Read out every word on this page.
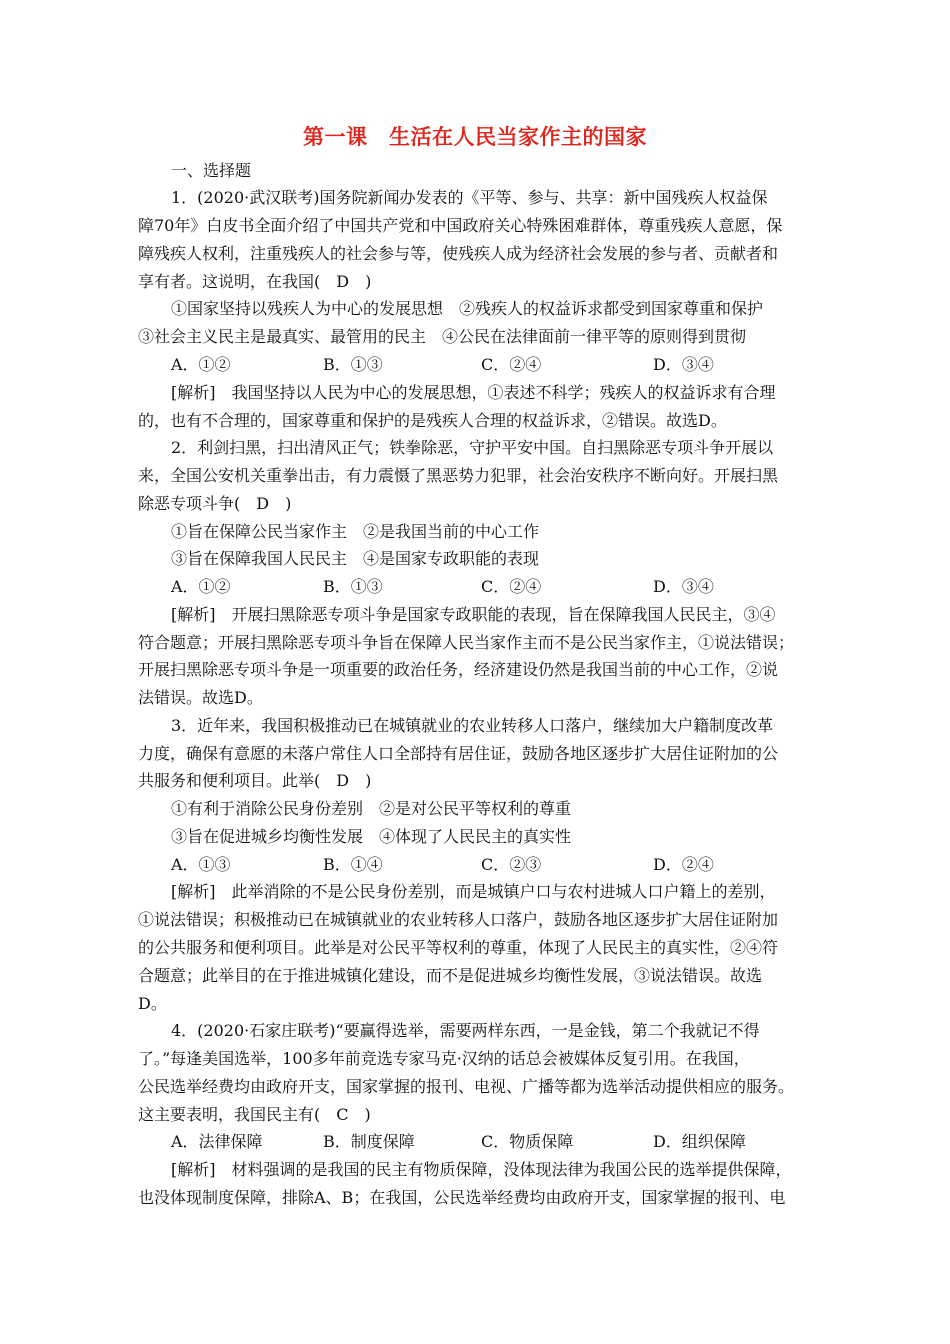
第一课　生活在人民当家作主的国家
一、选择题
1．(2020·武汉联考)国务院新闻办发表的《平等、参与、共享：新中国残疾人权益保
障70年》白皮书全面介绍了中国共产党和中国政府关心特殊困难群体，尊重残疾人意愿，保
障残疾人权利，注重残疾人的社会参与等，使残疾人成为经济社会发展的参与者、贡献者和
享有者。这说明，在我国(　D　)
①国家坚持以残疾人为中心的发展思想　②残疾人的权益诉求都受到国家尊重和保护
③社会主义民主是最真实、最管用的民主　④公民在法律面前一律平等的原则得到贯彻
A．①②	B．①③	C．②④	D．③④
[解析]　我国坚持以人民为中心的发展思想，①表述不科学；残疾人的权益诉求有合理
的，也有不合理的，国家尊重和保护的是残疾人合理的权益诉求，②错误。故选D。
2．利剑扫黑，扫出清风正气；铁拳除恶，守护平安中国。自扫黑除恶专项斗争开展以
来，全国公安机关重拳出击，有力震慑了黑恶势力犯罪，社会治安秩序不断向好。开展扫黑
除恶专项斗争(　D　)
①旨在保障公民当家作主　②是我国当前的中心工作
③旨在保障我国人民民主　④是国家专政职能的表现
A．①②	B．①③	C．②④	D．③④
[解析]　开展扫黑除恶专项斗争是国家专政职能的表现，旨在保障我国人民民主，③④
符合题意；开展扫黑除恶专项斗争旨在保障人民当家作主而不是公民当家作主，①说法错误；
开展扫黑除恶专项斗争是一项重要的政治任务，经济建设仍然是我国当前的中心工作，②说
法错误。故选D。
3．近年来，我国积极推动已在城镇就业的农业转移人口落户，继续加大户籍制度改革
力度，确保有意愿的未落户常住人口全部持有居住证，鼓励各地区逐步扩大居住证附加的公
共服务和便利项目。此举(　D　)
①有利于消除公民身份差别　②是对公民平等权利的尊重
③旨在促进城乡均衡性发展　④体现了人民民主的真实性
A．①③	B．①④	C．②③	D．②④
[解析]　此举消除的不是公民身份差别，而是城镇户口与农村进城人口户籍上的差别，
①说法错误；积极推动已在城镇就业的农业转移人口落户，鼓励各地区逐步扩大居住证附加
的公共服务和便利项目。此举是对公民平等权利的尊重，体现了人民民主的真实性，②④符
合题意；此举目的在于推进城镇化建设，而不是促进城乡均衡性发展，③说法错误。故选
D。
4．(2020·石家庄联考)“要赢得选举，需要两样东西，一是金钱，第二个我就记不得
了。”每逢美国选举，100多年前竞选专家马克·汉纳的话总会被媒体反复引用。在我国，
公民选举经费均由政府开支，国家掌握的报刊、电视、广播等都为选举活动提供相应的服务。
这主要表明，我国民主有(　C　)
A．法律保障	B．制度保障	C．物质保障	D．组织保障
[解析]　材料强调的是我国的民主有物质保障，没体现法律为我国公民的选举提供保障，
也没体现制度保障，排除A、B；在我国，公民选举经费均由政府开支，国家掌握的报刊、电
